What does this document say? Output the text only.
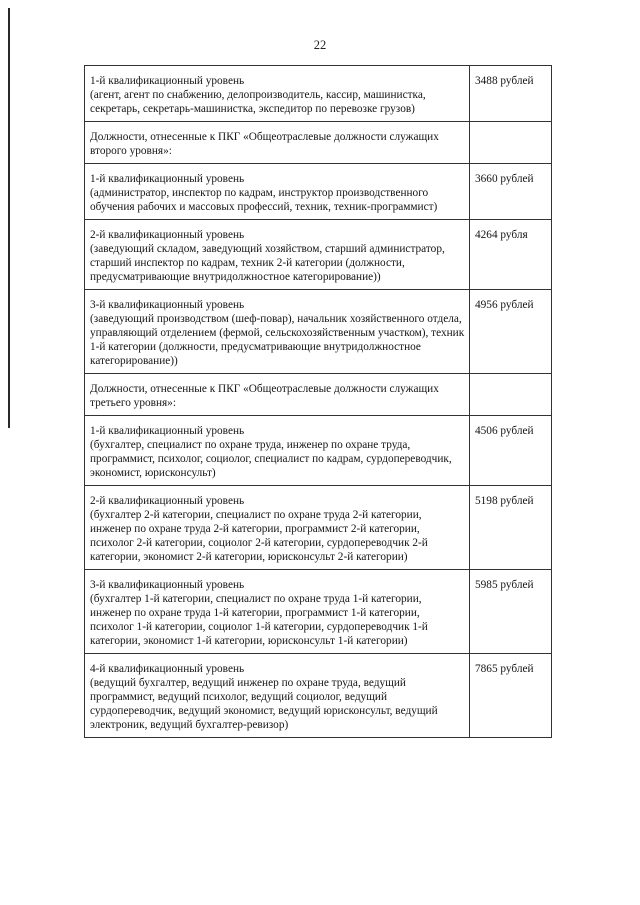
22
1-й квалификационный уровень
(агент, агент по снабжению, делопроизводитель, кассир, машинистка, секретарь, секретарь-машинистка, экспедитор по перевозке грузов)	3488 рублей

Должности, отнесенные к ПКГ «Общеотраслевые должности служащих второго уровня»:	

1-й квалификационный уровень
(администратор, инспектор по кадрам, инструктор производственного обучения рабочих и массовых профессий, техник, техник-программист)	3660 рублей

2-й квалификационный уровень
(заведующий складом, заведующий хозяйством, старший администратор, старший инспектор по кадрам, техник 2-й категории (должности, предусматривающие внутридолжностное категорирование))	4264 рубля

3-й квалификационный уровень
(заведующий производством (шеф-повар), начальник хозяйственного отдела, управляющий отделением (фермой, сельскохозяйственным участком), техник 1-й категории (должности, предусматривающие внутридолжностное категорирование))	4956 рублей

Должности, отнесенные к ПКГ «Общеотраслевые должности служащих третьего уровня»:	

1-й квалификационный уровень
(бухгалтер, специалист по охране труда, инженер по охране труда, программист, психолог, социолог, специалист по кадрам, сурдопереводчик, экономист, юрисконсульт)	4506 рублей

2-й квалификационный уровень
(бухгалтер 2-й категории, специалист по охране труда 2-й категории, инженер по охране труда 2-й категории, программист 2-й категории, психолог 2-й категории, социолог 2-й категории, сурдопереводчик 2-й категории, экономист 2-й категории, юрисконсульт 2-й категории)	5198 рублей

3-й квалификационный уровень
(бухгалтер 1-й категории, специалист по охране труда 1-й категории, инженер по охране труда 1-й категории, программист 1-й категории, психолог 1-й категории, социолог 1-й категории, сурдопереводчик 1-й категории, экономист 1-й категории, юрисконсульт 1-й категории)	5985 рублей

4-й квалификационный уровень
(ведущий бухгалтер, ведущий инженер по охране труда, ведущий программист, ведущий психолог, ведущий социолог, ведущий сурдопереводчик, ведущий экономист, ведущий юрисконсульт, ведущий электроник, ведущий бухгалтер-ревизор)	7865 рублей
